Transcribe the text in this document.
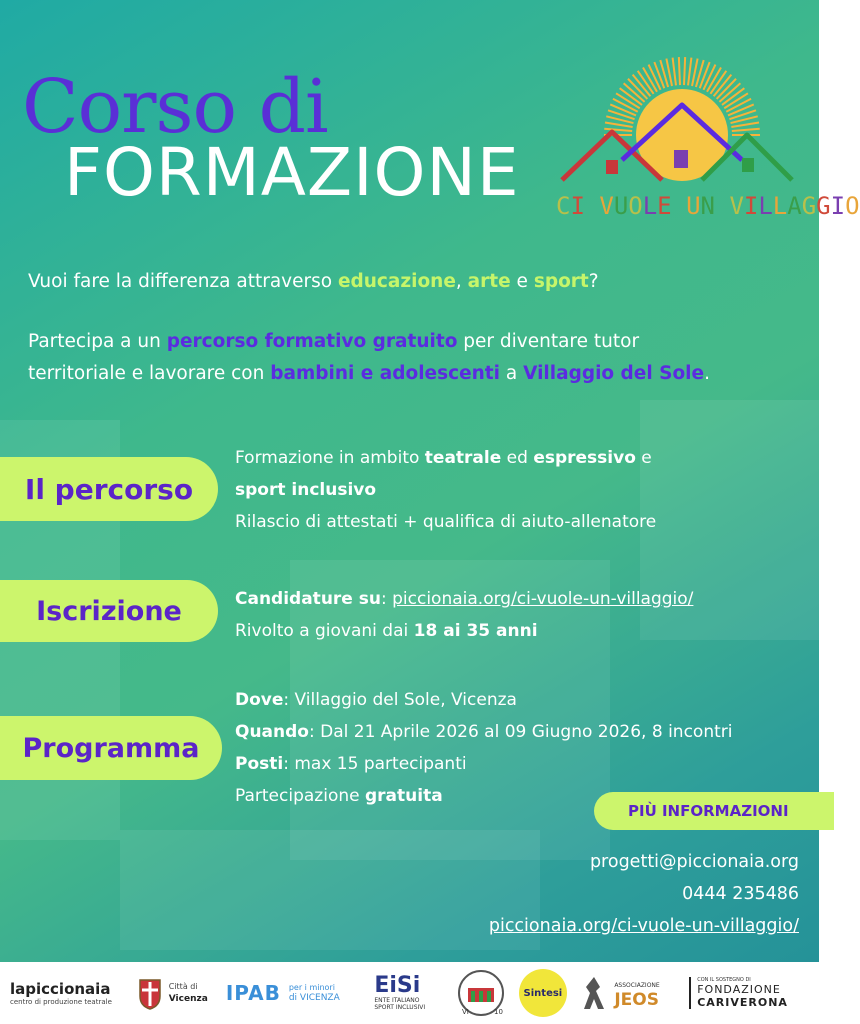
Corso di
FORMAZIONE CI VUOLE UN VILLAGGIO
Vuoi fare la differenza attraverso educazione, arte e sport?
Partecipa a un percorso formativo gratuito per diventare tutor
territoriale e lavorare con bambini e adolescenti a Villaggio del Sole.
Il percorso
Formazione in ambito teatrale ed espressivo e
sport inclusivo
Rilascio di attestati + qualifica di aiuto-allenatore
Iscrizione	Candidature su: piccionaia.org/ci-vuole-un-villaggio/
Rivolto a giovani dai 18 ai 35 anni
Programma
Dove: Villaggio del Sole, Vicenza
Quando: Dal 21 Aprile 2026 al 09 Giugno 2026, 8 incontri
Posti: max 15 partecipanti
Partecipazione gratuita
PIÙ INFORMAZIONI
progetti@piccionaia.org
0444 235486
piccionaia.org/ci-vuole-un-villaggio/
lapiccionaia
centro di produzione teatrale
Città di
Vicenza IPAB per i minori
di VICENZA EiSi
ENTE ITALIANO
SPORT INCLUSIVI
VI	10
Sintesi
ASSOCIAZIONE
JEOS
CON IL SOSTEGNO DI
FONDAZIONE
CARIVERONA
